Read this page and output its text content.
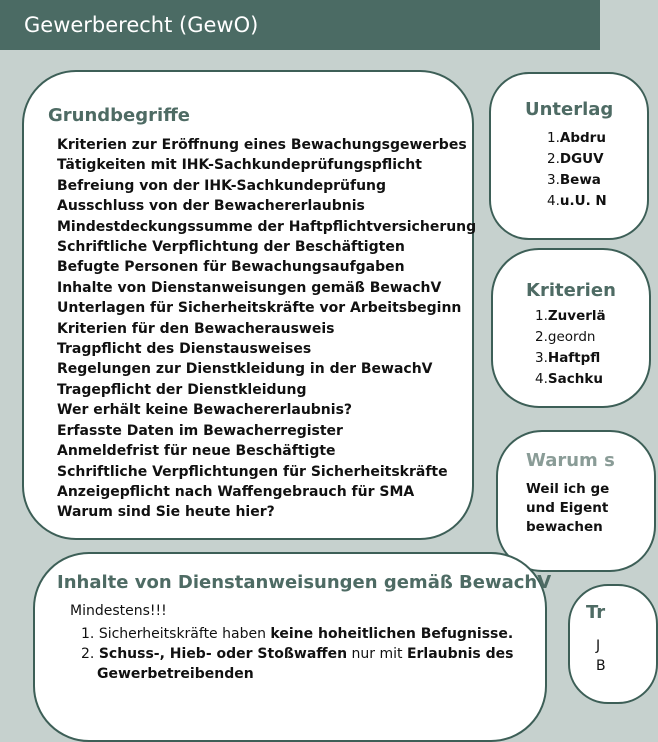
Gewerberecht (GewO)
Grundbegriffe
Kriterien zur Eröffnung eines Bewachungsgewerbes
Tätigkeiten mit IHK-Sachkundeprüfungspflicht
Befreiung von der IHK-Sachkundeprüfung
Ausschluss von der Bewachererlaubnis
Mindestdeckungssumme der Haftpflichtversicherung
Schriftliche Verpflichtung der Beschäftigten
Befugte Personen für Bewachungsaufgaben
Inhalte von Dienstanweisungen gemäß BewachV
Unterlagen für Sicherheitskräfte vor Arbeitsbeginn
Kriterien für den Bewacherausweis
Tragpflicht des Dienstausweises
Regelungen zur Dienstkleidung in der BewachV
Tragepflicht der Dienstkleidung
Wer erhält keine Bewachererlaubnis?
Erfasste Daten im Bewacherregister
Anmeldefrist für neue Beschäftigte
Schriftliche Verpflichtungen für Sicherheitskräfte
Anzeigepflicht nach Waffengebrauch für SMA
Warum sind Sie heute hier?
Unterlag
1.Abdru
2.DGUV
3.Bewa
4.u.U. N
Kriterien
1.Zuverlä
2.geordn
3.Haftpfl
4.Sachku
Warum s
Weil ich ge
und Eigent
bewachen
Inhalte von Dienstanweisungen gemäß BewachV
Mindestens!!!
1. Sicherheitskräfte haben keine hoheitlichen Befugnisse.
2. Schuss-, Hieb- oder Stoßwaffen nur mit Erlaubnis des
Gewerbetreibenden
Tr
J
B
